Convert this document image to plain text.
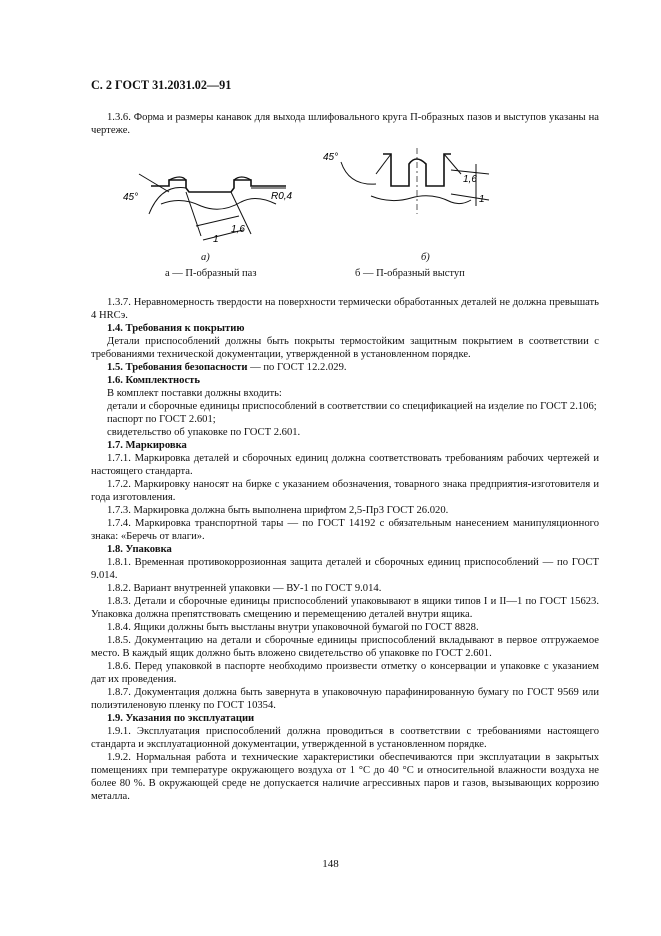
С. 2 ГОСТ 31.2031.02—91
1.3.6. Форма и размеры канавок для выхода шлифовального круга П-образных пазов и выступов указаны на чертеже.
45°	R0,4
1,6
1
45°
1,6
1
а)	б)
а — П-образный паз	б — П-образный выступ
1.3.7. Неравномерность твердости на поверхности термически обработанных деталей не должна превышать 4 HRCэ.
1.4. Требования к покрытию
Детали приспособлений должны быть покрыты термостойким защитным покрытием в соответствии с требованиями технической документации, утвержденной в установленном порядке.
1.5. Требования безопасности — по ГОСТ 12.2.029.
1.6. Комплектность
В комплект поставки должны входить:
детали и сборочные единицы приспособлений в соответствии со спецификацией на изделие по ГОСТ 2.106;
паспорт по ГОСТ 2.601;
свидетельство об упаковке по ГОСТ 2.601.
1.7. Маркировка
1.7.1. Маркировка деталей и сборочных единиц должна соответствовать требованиям рабочих чертежей и настоящего стандарта.
1.7.2. Маркировку наносят на бирке с указанием обозначения, товарного знака предприятия-изготовителя и года изготовления.
1.7.3. Маркировка должна быть выполнена шрифтом 2,5-Пр3 ГОСТ 26.020.
1.7.4. Маркировка транспортной тары — по ГОСТ 14192 с обязательным нанесением манипуляционного знака: «Беречь от влаги».
1.8. Упаковка
1.8.1. Временная противокоррозионная защита деталей и сборочных единиц приспособлений — по ГОСТ 9.014.
1.8.2. Вариант внутренней упаковки — ВУ-1 по ГОСТ 9.014.
1.8.3. Детали и сборочные единицы приспособлений упаковывают в ящики типов I и II—1 по ГОСТ 15623. Упаковка должна препятствовать смещению и перемещению деталей внутри ящика.
1.8.4. Ящики должны быть выстланы внутри упаковочной бумагой по ГОСТ 8828.
1.8.5. Документацию на детали и сборочные единицы приспособлений вкладывают в первое отгружаемое место. В каждый ящик должно быть вложено свидетельство об упаковке по ГОСТ 2.601.
1.8.6. Перед упаковкой в паспорте необходимо произвести отметку о консервации и упаковке с указанием дат их проведения.
1.8.7. Документация должна быть завернута в упаковочную парафинированную бумагу по ГОСТ 9569 или полиэтиленовую пленку по ГОСТ 10354.
1.9. Указания по эксплуатации
1.9.1. Эксплуатация приспособлений должна проводиться в соответствии с требованиями настоящего стандарта и эксплуатационной документации, утвержденной в установленном порядке.
1.9.2. Нормальная работа и технические характеристики обеспечиваются при эксплуатации в закрытых помещениях при температуре окружающего воздуха от 1 °С до 40 °С и относительной влажности воздуха не более 80 %. В окружающей среде не допускается наличие агрессивных паров и газов, вызывающих коррозию металла.
148
